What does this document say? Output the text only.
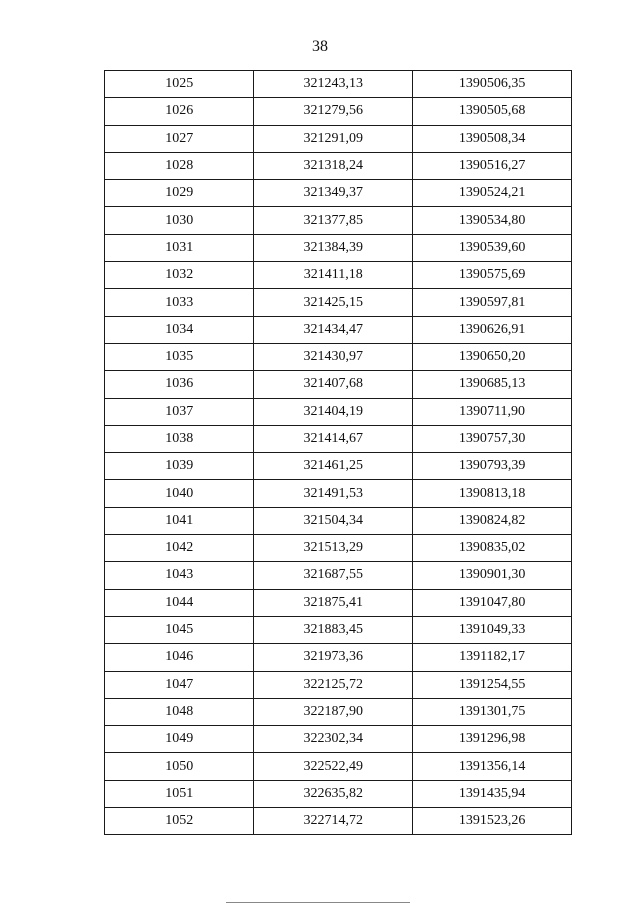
38
1025	321243,13	1390506,35
1026	321279,56	1390505,68
1027	321291,09	1390508,34
1028	321318,24	1390516,27
1029	321349,37	1390524,21
1030	321377,85	1390534,80
1031	321384,39	1390539,60
1032	321411,18	1390575,69
1033	321425,15	1390597,81
1034	321434,47	1390626,91
1035	321430,97	1390650,20
1036	321407,68	1390685,13
1037	321404,19	1390711,90
1038	321414,67	1390757,30
1039	321461,25	1390793,39
1040	321491,53	1390813,18
1041	321504,34	1390824,82
1042	321513,29	1390835,02
1043	321687,55	1390901,30
1044	321875,41	1391047,80
1045	321883,45	1391049,33
1046	321973,36	1391182,17
1047	322125,72	1391254,55
1048	322187,90	1391301,75
1049	322302,34	1391296,98
1050	322522,49	1391356,14
1051	322635,82	1391435,94
1052	322714,72	1391523,26
